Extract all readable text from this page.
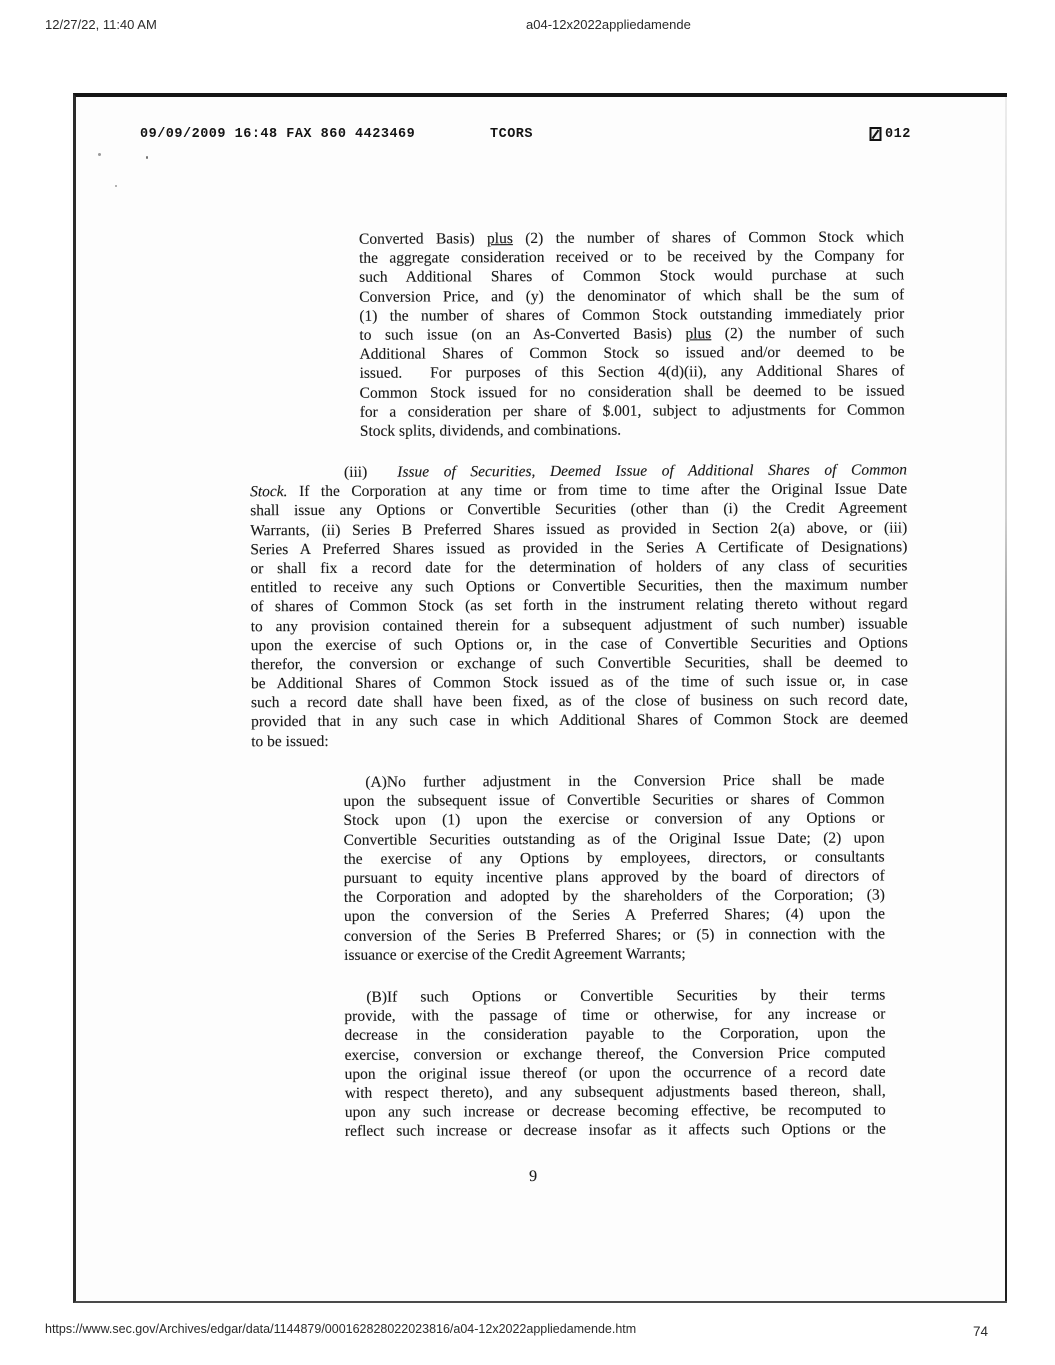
12/27/22, 11:40 AM	a04-12x2022appliedamende
09/09/2009 16:48 FAX 860 4423469	TCORS	012
Converted Basis) plus (2) the number of shares of Common Stock which
the aggregate consideration received or to be received by the Company for
such Additional Shares of Common Stock would purchase at such
Conversion Price, and (y) the denominator of which shall be the sum of
(1) the number of shares of Common Stock outstanding immediately prior
to such issue (on an As-Converted Basis) plus (2) the number of such
Additional Shares of Common Stock so issued and/or deemed to be
issued.  For purposes of this Section 4(d)(ii), any Additional Shares of
Common Stock issued for no consideration shall be deemed to be issued
for a consideration per share of $.001, subject to adjustments for Common
Stock splits, dividends, and combinations.
(iii) Issue of Securities, Deemed Issue of Additional Shares of Common
Stock. If the Corporation at any time or from time to time after the Original Issue Date
shall issue any Options or Convertible Securities (other than (i) the Credit Agreement
Warrants, (ii) Series B Preferred Shares issued as provided in Section 2(a) above, or (iii)
Series A Preferred Shares issued as provided in the Series A Certificate of Designations)
or shall fix a record date for the determination of holders of any class of securities
entitled to receive any such Options or Convertible Securities, then the maximum number
of shares of Common Stock (as set forth in the instrument relating thereto without regard
to any provision contained therein for a subsequent adjustment of such number) issuable
upon the exercise of such Options or, in the case of Convertible Securities and Options
therefor, the conversion or exchange of such Convertible Securities, shall be deemed to
be Additional Shares of Common Stock issued as of the time of such issue or, in case
such a record date shall have been fixed, as of the close of business on such record date,
provided that in any such case in which Additional Shares of Common Stock are deemed
to be issued:
(A)No further adjustment in the Conversion Price shall be made
upon the subsequent issue of Convertible Securities or shares of Common
Stock upon (1) upon the exercise or conversion of any Options or
Convertible Securities outstanding as of the Original Issue Date; (2) upon
the exercise of any Options by employees, directors, or consultants
pursuant to equity incentive plans approved by the board of directors of
the Corporation and adopted by the shareholders of the Corporation; (3)
upon the conversion of the Series A Preferred Shares; (4) upon the
conversion of the Series B Preferred Shares; or (5) in connection with the
issuance or exercise of the Credit Agreement Warrants;
(B)If such Options or Convertible Securities by their terms
provide, with the passage of time or otherwise, for any increase or
decrease in the consideration payable to the Corporation, upon the
exercise, conversion or exchange thereof, the Conversion Price computed
upon the original issue thereof (or upon the occurrence of a record date
with respect thereto), and any subsequent adjustments based thereon, shall,
upon any such increase or decrease becoming effective, be recomputed to
reflect such increase or decrease insofar as it affects such Options or the
9
https://www.sec.gov/Archives/edgar/data/1144879/000162828022023816/a04-12x2022appliedamende.htm	74
